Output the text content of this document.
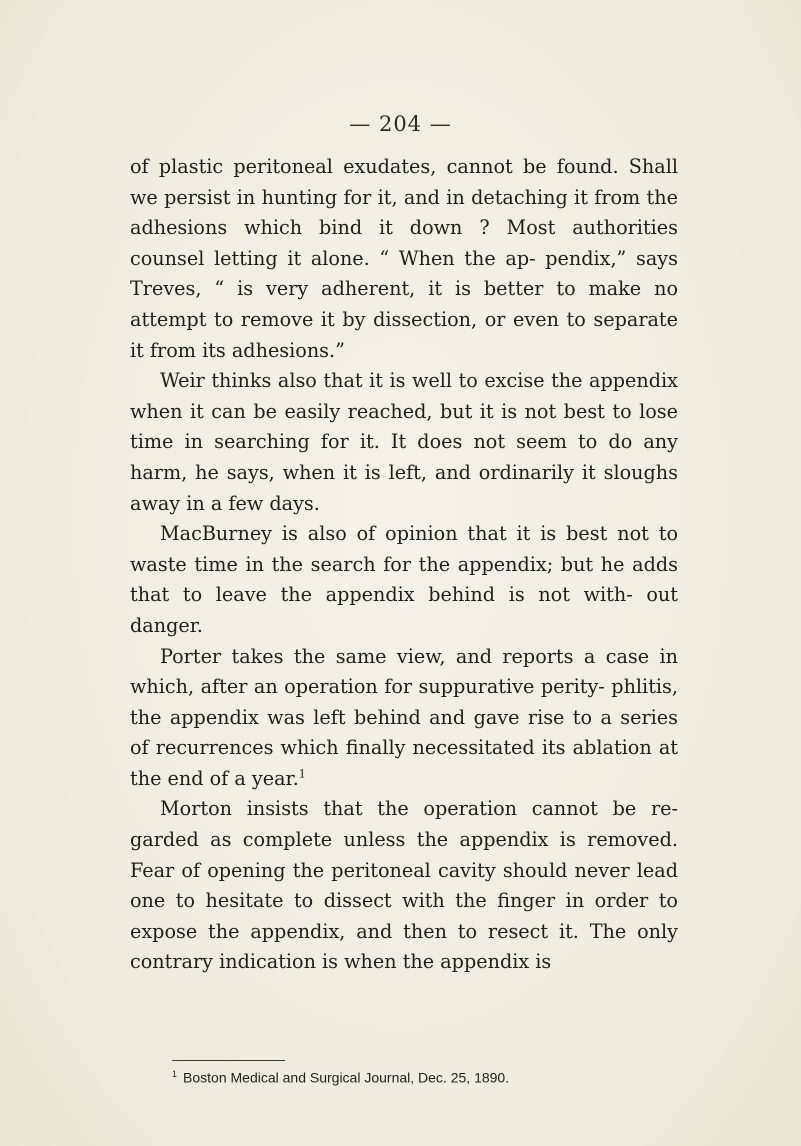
— 204 —

of plastic peritoneal exudates, cannot be found. Shall we persist in hunting for it, and in detaching it from the adhesions which bind it down ? Most authorities counsel letting it alone. “ When the ap- pendix,” says Treves, “ is very adherent, it is better to make no attempt to remove it by dissection, or even to separate it from its adhesions.”

Weir thinks also that it is well to excise the appendix when it can be easily reached, but it is not best to lose time in searching for it. It does not seem to do any harm, he says, when it is left, and ordinarily it sloughs away in a few days.

MacBurney is also of opinion that it is best not to waste time in the search for the appendix; but he adds that to leave the appendix behind is not with- out danger.

Porter takes the same view, and reports a case in which, after an operation for suppurative perity- phlitis, the appendix was left behind and gave rise to a series of recurrences which finally necessitated its ablation at the end of a year.$^1$

Morton insists that the operation cannot be re- garded as complete unless the appendix is removed. Fear of opening the peritoneal cavity should never lead one to hesitate to dissect with the finger in order to expose the appendix, and then to resect it. The only contrary indication is when the appendix is

$^1$ Boston Medical and Surgical Journal, Dec. 25, 1890.
